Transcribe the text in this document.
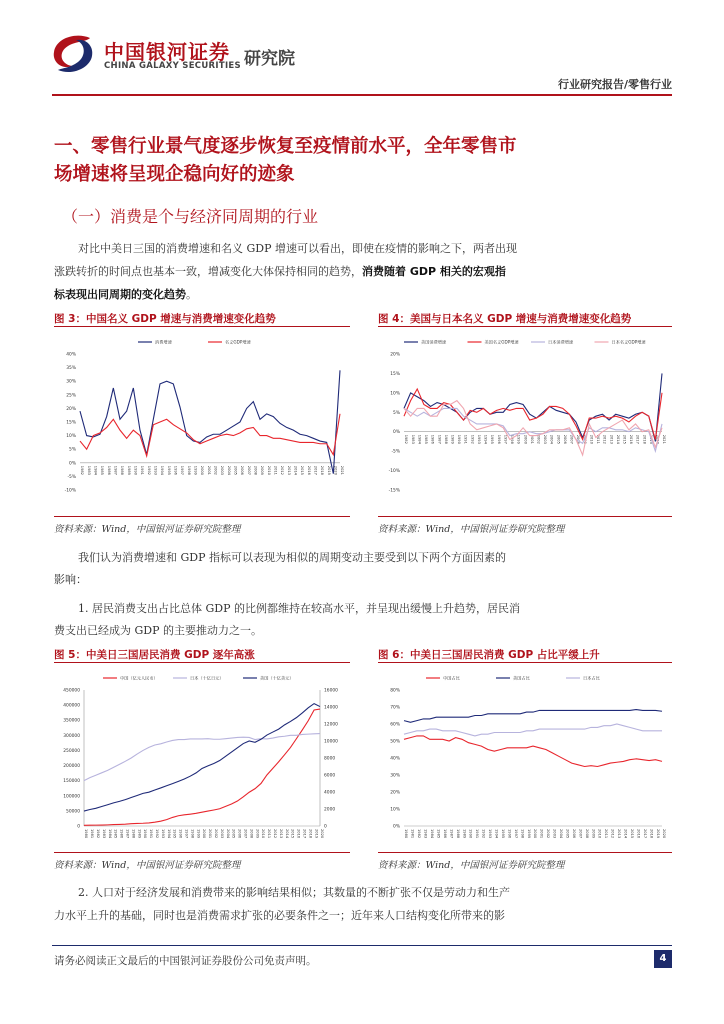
中国银河证券
CHINA GALAXY SECURITIES 研究院
行业研究报告/零售行业
一、零售行业景气度逐步恢复至疫情前水平，全年零售市
场增速将呈现企稳向好的迹象
（一）消费是个与经济同周期的行业
对比中美日三国的消费增速和名义 GDP 增速可以看出，即使在疫情的影响之下，两者出现
涨跌转折的时间点也基本一致，增减变化大体保持相同的趋势，消费随着 GDP 相关的宏观指
标表现出同周期的变化趋势。
图 3：中国名义 GDP 增速与消费增速变化趋势	图 4：美国与日本名义 GDP 增速与消费增速变化趋势
消费增速	名义GDP增速
-10%
-5%
0%
5%
10%
15%
20%
25%
30%
35%
40%
1982 1983 1984 1985 1986 1987 1988 1989 1990 1991 1992 1993 1994 1995 1996 1997 1998 1999 2000 2001 2002 2003 2004 2005 2006 2007 2008 2009 2010 2011 2012 2013 2014 2015 2016 2017 2018 2019 2020 2021
美国消费增速	美国名义GDP增速	日本消费增速	日本名义GDP增速
-15%
-10%
-5%
0%
5%
10%
15%
20%
1982 1983 1984 1985 1986 1987 1988 1989 1990 1991 1992 1993 1994 1995 1996 1997 1998 1999 2000 2001 2002 2003 2004 2005 2006 2007 2008 2009 2010 2011 2012 2013 2014 2015 2016 2017 2018 2019 2020 2021
资料来源：Wind，中国银河证券研究院整理	资料来源：Wind，中国银河证券研究院整理
我们认为消费增速和 GDP 指标可以表现为相似的周期变动主要受到以下两个方面因素的
影响：
1. 居民消费支出占比总体 GDP 的比例都维持在较高水平，并呈现出缓慢上升趋势，居民消
费支出已经成为 GDP 的主要推动力之一。
图 5：中美日三国居民消费 GDP 逐年高涨	图 6：中美日三国居民消费 GDP 占比平缓上升
中国（亿元人民币）	日本（十亿日元）	美国（十亿美元）
0
50000
100000
150000
200000
250000
300000
350000
400000
450000
0
2000
4000
6000
8000
10000
12000
14000
16000
1980 1981 1982 1983 1984 1985 1986 1987 1988 1989 1990 1991 1992 1993 1994 1995 1996 1997 1998 1999 2000 2001 2002 2003 2004 2005 2006 2007 2008 2009 2010 2011 2012 2013 2014 2015 2016 2017 2018 2019 2020
中国占比	美国占比	日本占比
0%
10%
20%
30%
40%
50%
60%
70%
80%
1980 1981 1982 1983 1984 1985 1986 1987 1988 1989 1990 1991 1992 1993 1994 1995 1996 1997 1998 1999 2000 2001 2002 2003 2004 2005 2006 2007 2008 2009 2010 2011 2012 2013 2014 2015 2016 2017 2018 2019 2020
资料来源：Wind，中国银河证券研究院整理	资料来源：Wind，中国银河证券研究院整理
2. 人口对于经济发展和消费带来的影响结果相似；其数量的不断扩张不仅是劳动力和生产
力水平上升的基础，同时也是消费需求扩张的必要条件之一；近年来人口结构变化所带来的影
请务必阅读正文最后的中国银河证券股份公司免责声明。	4
